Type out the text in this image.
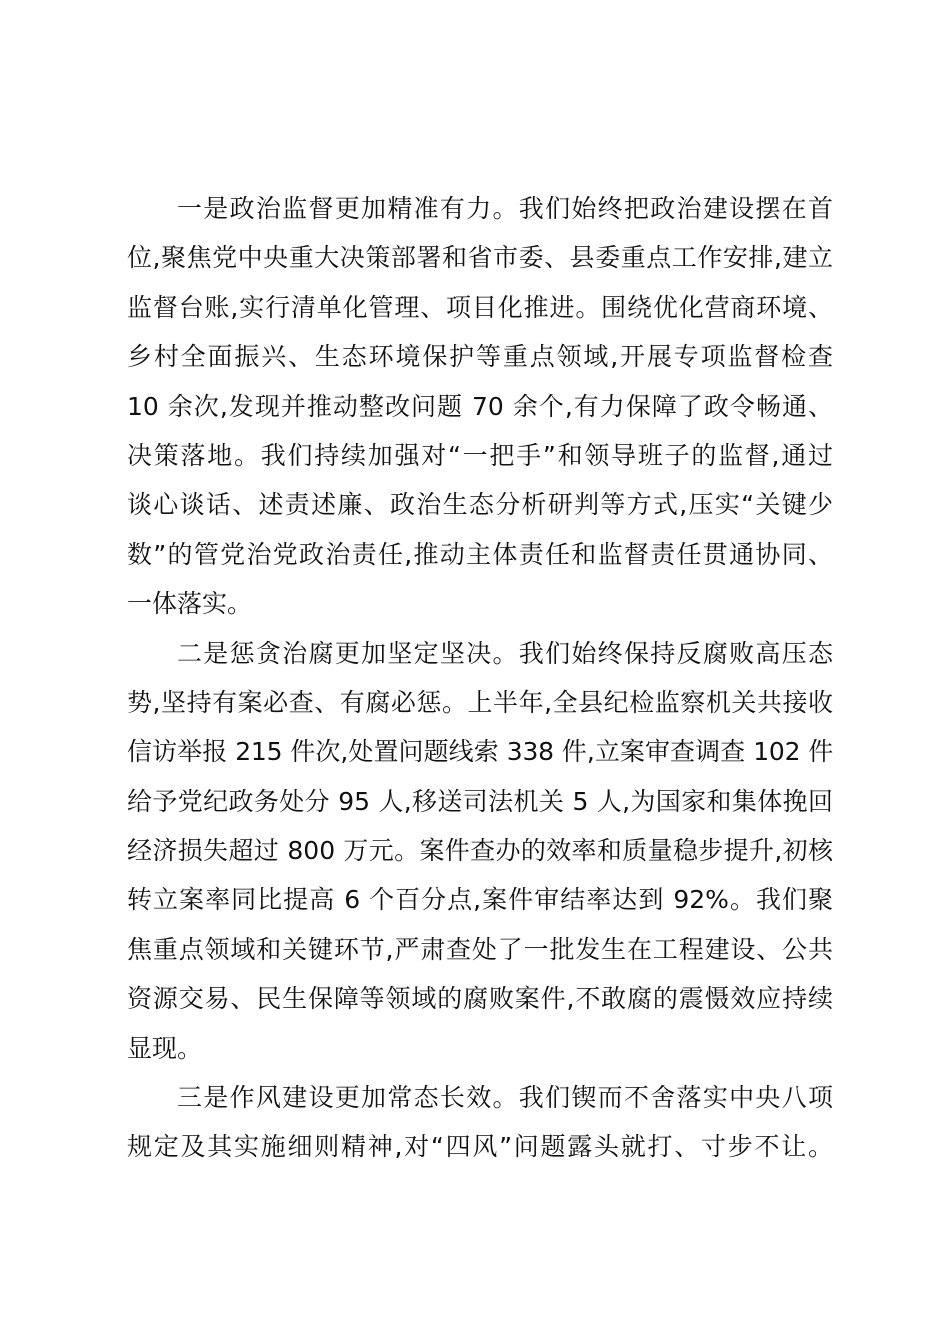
一是政治监督更加精准有力。我们始终把政治建设摆在首
位,聚焦党中央重大决策部署和省市委、县委重点工作安排,建立
监督台账,实行清单化管理、项目化推进。围绕优化营商环境、
乡村全面振兴、生态环境保护等重点领域,开展专项监督检查
10 余次,发现并推动整改问题 70 余个,有力保障了政令畅通、
决策落地。我们持续加强对“一把手”和领导班子的监督,通过
谈心谈话、述责述廉、政治生态分析研判等方式,压实“关键少
数”的管党治党政治责任,推动主体责任和监督责任贯通协同、
一体落实。
二是惩贪治腐更加坚定坚决。我们始终保持反腐败高压态
势,坚持有案必查、有腐必惩。上半年,全县纪检监察机关共接收
信访举报 215 件次,处置问题线索 338 件,立案审查调查 102 件
给予党纪政务处分 95 人,移送司法机关 5 人,为国家和集体挽回
经济损失超过 800 万元。案件查办的效率和质量稳步提升,初核
转立案率同比提高 6 个百分点,案件审结率达到 92%。我们聚
焦重点领域和关键环节,严肃查处了一批发生在工程建设、公共
资源交易、民生保障等领域的腐败案件,不敢腐的震慑效应持续
显现。
三是作风建设更加常态长效。我们锲而不舍落实中央八项
规定及其实施细则精神,对“四风”问题露头就打、寸步不让。
